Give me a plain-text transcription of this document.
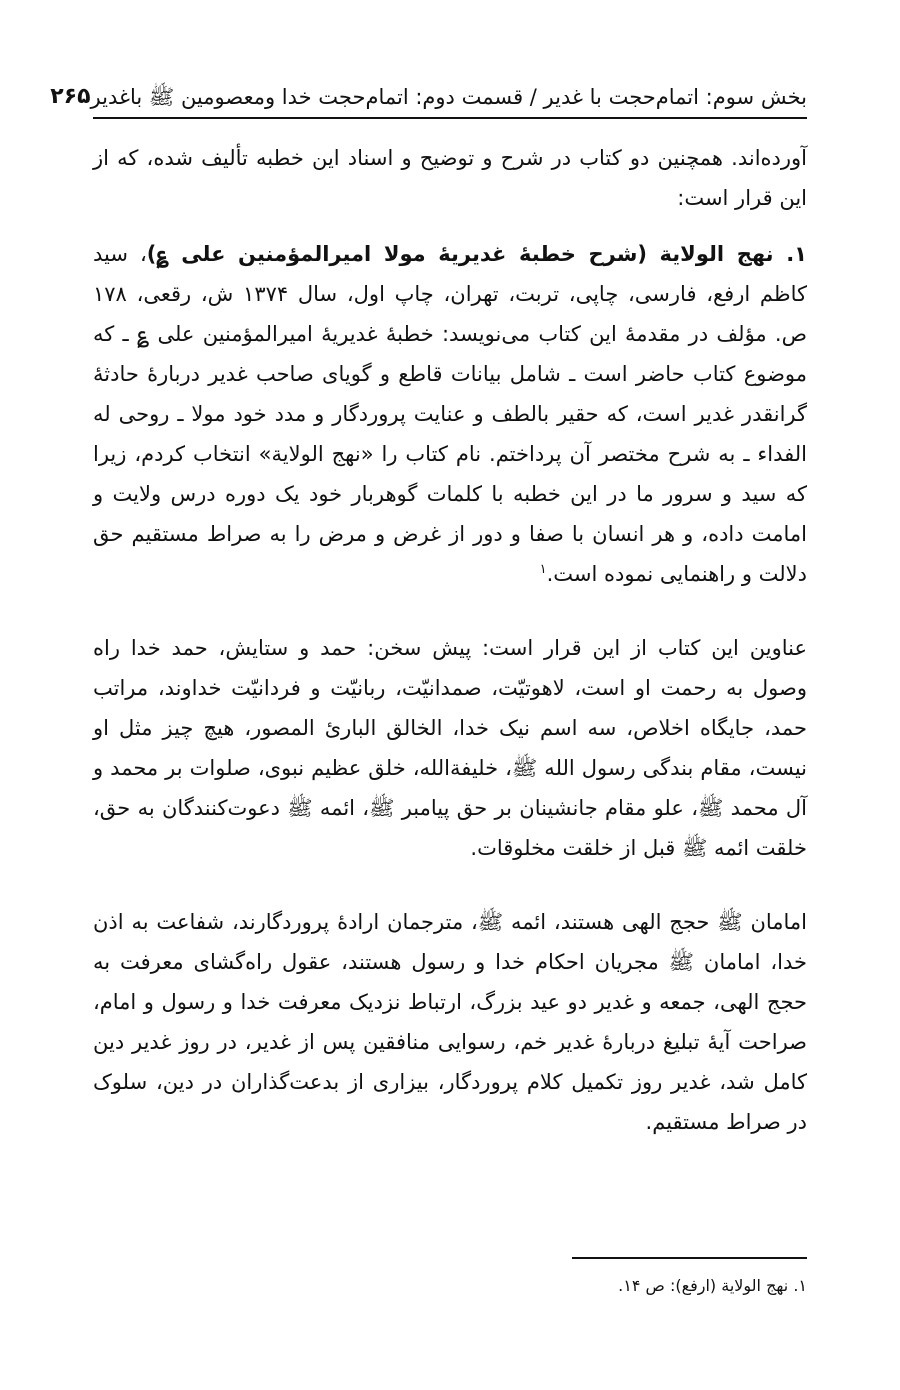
بخش سوم: اتمام‌حجت با غدیر / قسمت دوم: اتمام‌حجت خدا ومعصومین ﷺ باغدیر
۲۶۵

آورده‌اند. همچنین دو کتاب در شرح و توضیح و اسناد این خطبه تألیف شده، که از این قرار است:

۱. نهج الولایة (شرح خطبۀ غدیریۀ مولا امیرالمؤمنین علی ؏)، سید کاظم ارفع، فارسی، چاپی، تربت، تهران، چاپ اول، سال ۱۳۷۴ ش، رقعی، ۱۷۸ ص. مؤلف در مقدمۀ این کتاب می‌نویسد: خطبۀ غدیریۀ امیرالمؤمنین علی ؏ ـ که موضوع کتاب حاضر است ـ شامل بیانات قاطع و گویای صاحب غدیر دربارۀ حادثۀ گرانقدر غدیر است، که حقیر بالطف و عنایت پروردگار و مدد خود مولا ـ روحی له الفداء ـ به شرح مختصر آن پرداختم. نام کتاب را «نهج الولایة» انتخاب کردم، زیرا که سید و سرور ما در این خطبه با کلمات گوهربار خود یک دوره درس ولایت و امامت داده، و هر انسان با صفا و دور از غرض و مرض را به صراط مستقیم حق دلالت و راهنمایی نموده است.$^۱$

عناوین این کتاب از این قرار است: پیش سخن: حمد و ستایش، حمد خدا راه وصول به رحمت او است، لاهوتیّت، صمدانیّت، ربانیّت و فردانیّت خداوند، مراتب حمد، جایگاه اخلاص، سه اسم نیک خدا، الخالق البارئ المصور، هیچ چیز مثل او نیست، مقام بندگی رسول الله ﷺ، خلیفةالله، خلق عظیم نبوی، صلوات بر محمد و آل محمد ﷺ، علو مقام جانشینان بر حق پیامبر ﷺ، ائمه ﷺ دعوت‌کنندگان به حق، خلقت ائمه ﷺ قبل از خلقت مخلوقات.

امامان ﷺ حجج الهی هستند، ائمه ﷺ، مترجمان ارادۀ پروردگارند، شفاعت به اذن خدا، امامان ﷺ مجریان احکام خدا و رسول هستند، عقول راه‌گشای معرفت به حجج الهی، جمعه و غدیر دو عید بزرگ، ارتباط نزدیک معرفت خدا و رسول و امام، صراحت آیۀ تبلیغ دربارۀ غدیر خم، رسوایی منافقین پس از غدیر، در روز غدیر دین کامل شد، غدیر روز تکمیل کلام پروردگار، بیزاری از بدعت‌گذاران در دین، سلوک در صراط مستقیم.

۱. نهج الولایة (ارفع): ص ۱۴.
